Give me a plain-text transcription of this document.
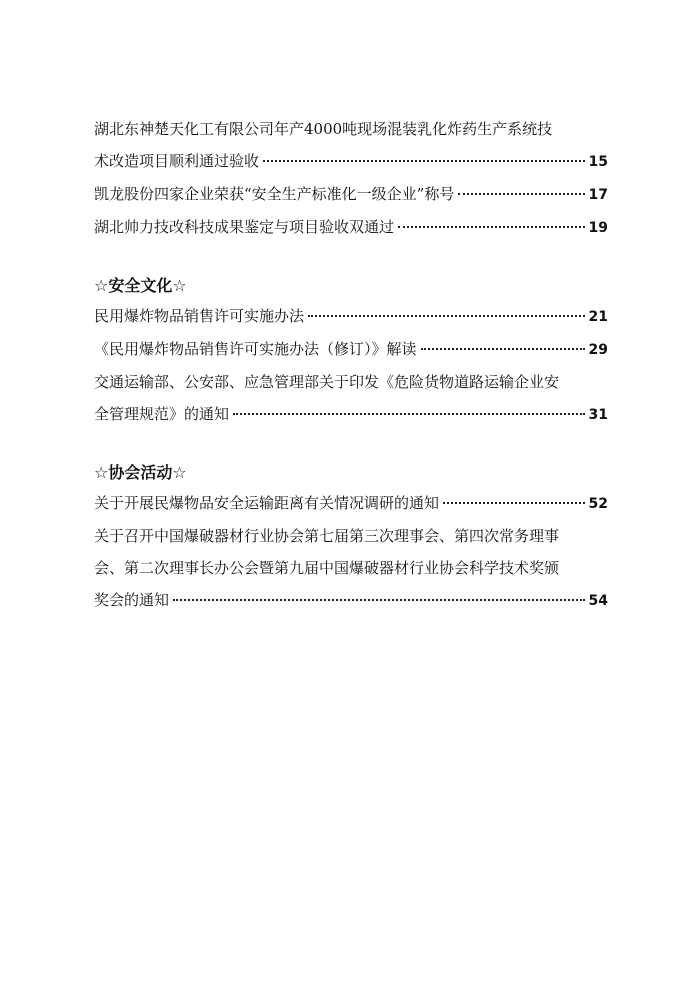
湖北东神楚天化工有限公司年产4000吨现场混装乳化炸药生产系统技
术改造项目顺利通过验收	15
凯龙股份四家企业荣获“安全生产标准化一级企业”称号	17
湖北帅力技改科技成果鉴定与项目验收双通过	19
☆安全文化☆
民用爆炸物品销售许可实施办法	21
《民用爆炸物品销售许可实施办法（修订）》解读	29
交通运输部、公安部、应急管理部关于印发《危险货物道路运输企业安
全管理规范》的通知	31
☆协会活动☆
关于开展民爆物品安全运输距离有关情况调研的通知	52
关于召开中国爆破器材行业协会第七届第三次理事会、第四次常务理事
会、第二次理事长办公会暨第九届中国爆破器材行业协会科学技术奖颁
奖会的通知	54
